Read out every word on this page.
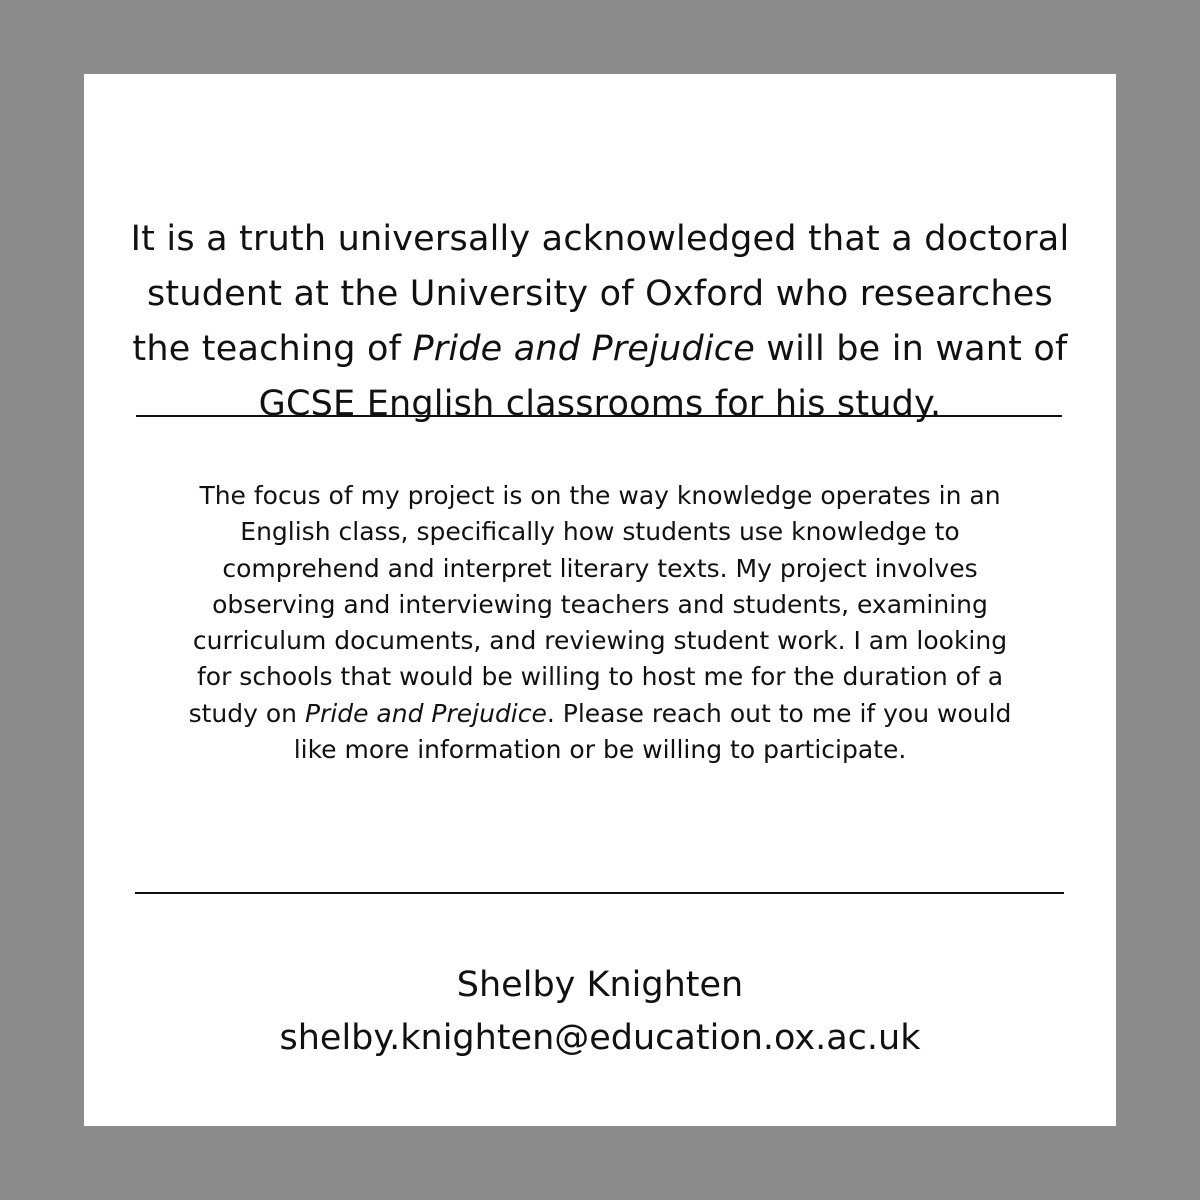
It is a truth universally acknowledged that a doctoral
student at the University of Oxford who researches
the teaching of Pride and Prejudice will be in want of
GCSE English classrooms for his study.
The focus of my project is on the way knowledge operates in an
English class, specifically how students use knowledge to
comprehend and interpret literary texts. My project involves
observing and interviewing teachers and students, examining
curriculum documents, and reviewing student work. I am looking
for schools that would be willing to host me for the duration of a
study on Pride and Prejudice. Please reach out to me if you would
like more information or be willing to participate.
Shelby Knighten
shelby.knighten@education.ox.ac.uk
